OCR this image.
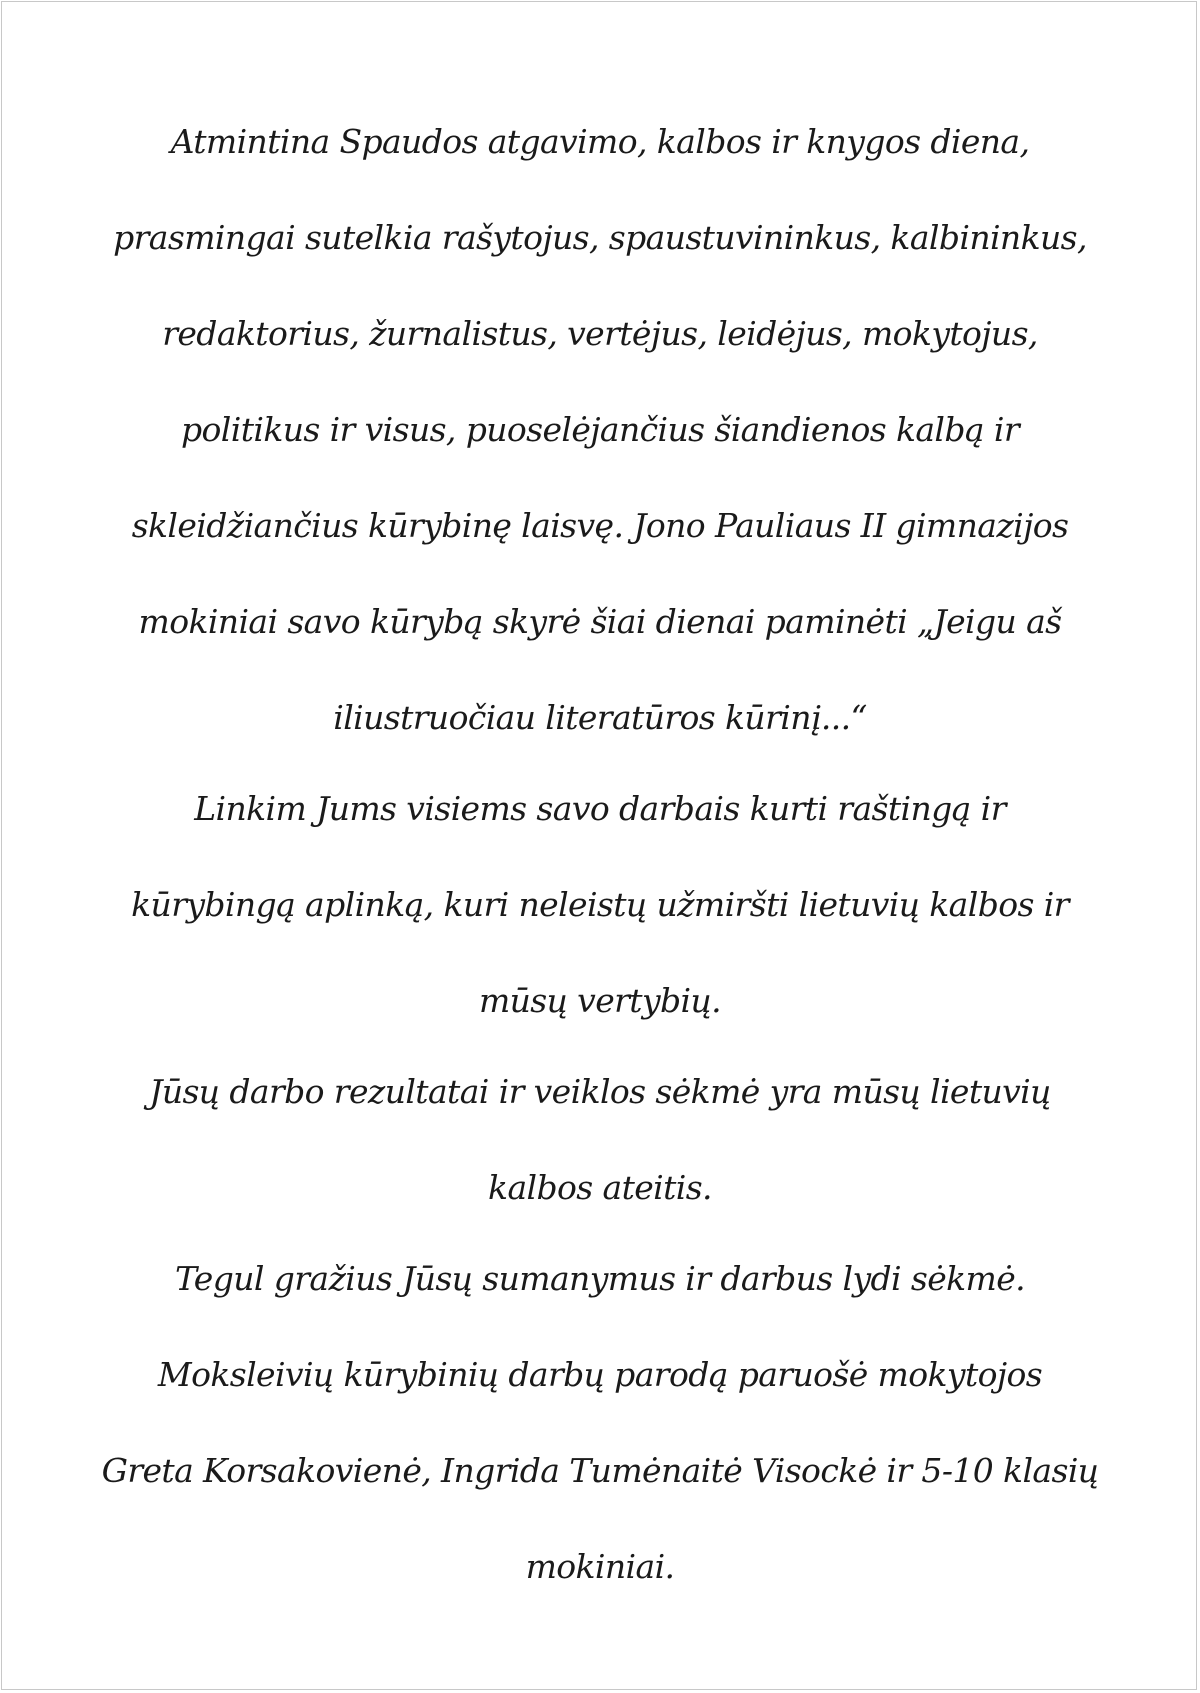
Atmintina Spaudos atgavimo, kalbos ir knygos diena,
prasmingai sutelkia rašytojus, spaustuvininkus, kalbininkus,
redaktorius, žurnalistus, vertėjus, leidėjus, mokytojus,
politikus ir visus, puoselėjančius šiandienos kalbą ir
skleidžiančius kūrybinę laisvę. Jono Pauliaus II gimnazijos
mokiniai savo kūrybą skyrė šiai dienai paminėti „Jeigu aš
iliustruočiau literatūros kūrinį...“
Linkim Jums visiems savo darbais kurti raštingą ir
kūrybingą aplinką, kuri neleistų užmiršti lietuvių kalbos ir
mūsų vertybių.
Jūsų darbo rezultatai ir veiklos sėkmė yra mūsų lietuvių
kalbos ateitis.
Tegul gražius Jūsų sumanymus ir darbus lydi sėkmė.
Moksleivių kūrybinių darbų parodą paruošė mokytojos
Greta Korsakovienė, Ingrida Tumėnaitė Visockė ir 5-10 klasių
mokiniai.
